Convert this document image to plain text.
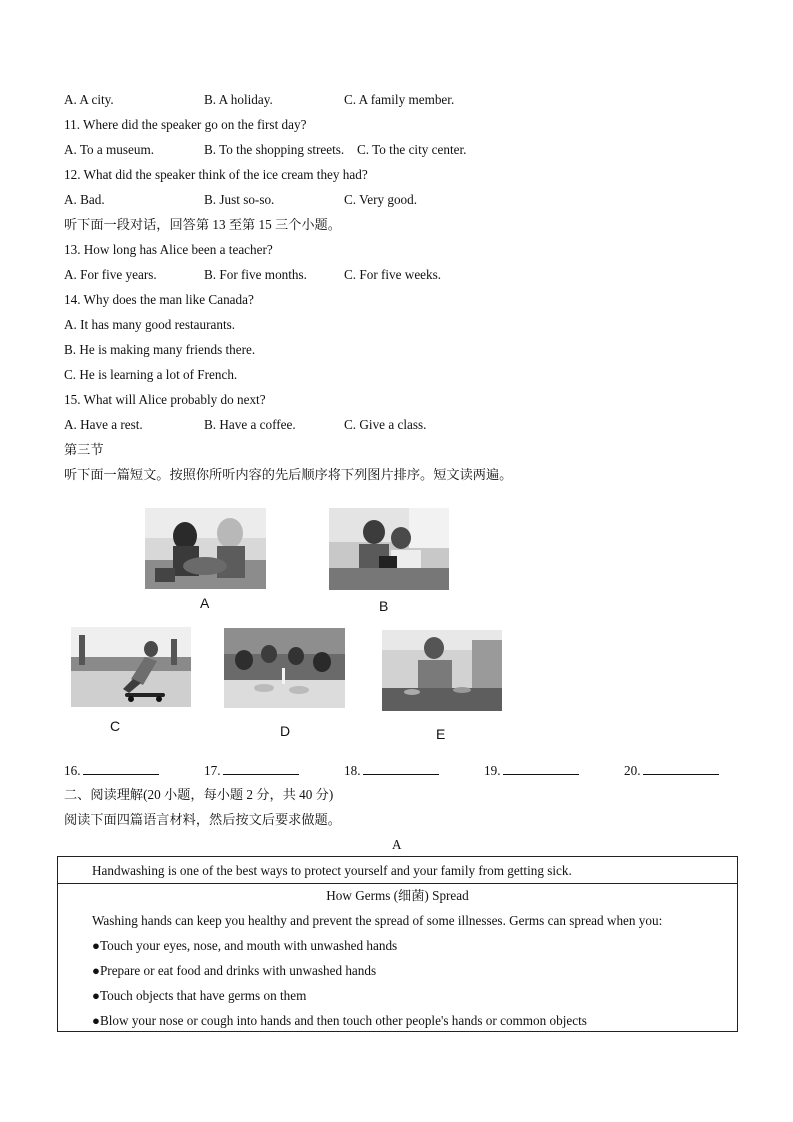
A. A city.	B. A holiday.	C. A family member.
11. Where did the speaker go on the first day?
A. To a museum.	B. To the shopping streets. C. To the city center.
12. What did the speaker think of the ice cream they had?
A. Bad.	B. Just so-so.	C. Very good.
听下面一段对话，回答第 13 至第 15 三个小题。
13. How long has Alice been a teacher?
A. For five years.	B. For five months.	C. For five weeks.
14. Why does the man like Canada?
A. It has many good restaurants.
B. He is making many friends there.
C. He is learning a lot of French.
15. What will Alice probably do next?
A. Have a rest.	B. Have a coffee.	C. Give a class.
第三节
听下面一篇短文。按照你所听内容的先后顺序将下列图片排序。短文读两遍。
A	B
C	D	E
16.	17.	18.	19.	20.
二、阅读理解(20 小题，每小题 2 分，共 40 分)
阅读下面四篇语言材料，然后按文后要求做题。
A
Handwashing is one of the best ways to protect yourself and your family from getting sick.
How Germs (细菌) Spread
Washing hands can keep you healthy and prevent the spread of some illnesses. Germs can spread when you:
●Touch your eyes, nose, and mouth with unwashed hands
●Prepare or eat food and drinks with unwashed hands
●Touch objects that have germs on them
●Blow your nose or cough into hands and then touch other people's hands or common objects
